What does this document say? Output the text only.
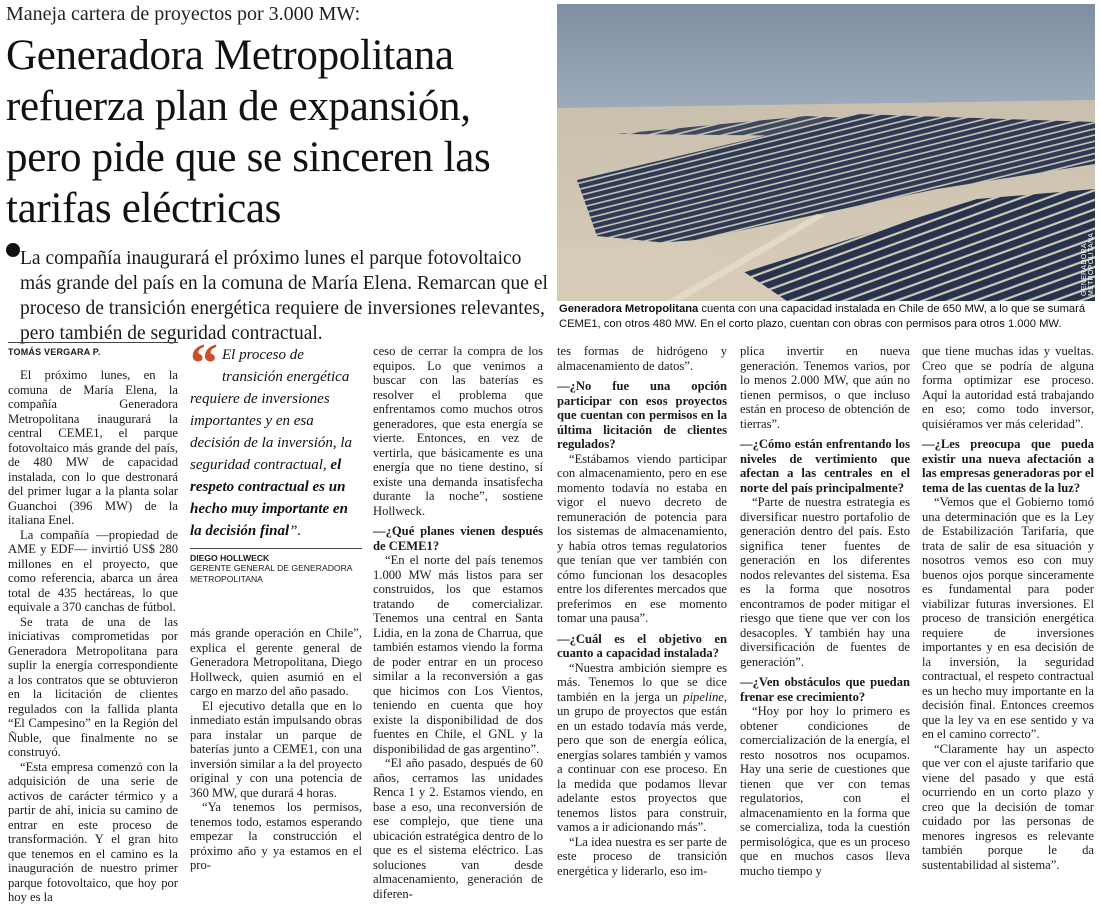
Maneja cartera de proyectos por 3.000 MW:
Generadora Metropolitana refuerza plan de expansión, pero pide que se sinceren las tarifas eléctricas
La compañía inaugurará el próximo lunes el parque fotovoltaico más grande del país en la comuna de María Elena. Remarcan que el proceso de transición energética requiere de inversiones relevantes, pero también de seguridad contractual.
GENERADORA METROPOLITANA
Generadora Metropolitana cuenta con una capacidad instalada en Chile de 650 MW, a lo que se sumará CEME1, con otros 480 MW. En el corto plazo, cuentan con obras con permisos para otros 1.000 MW.
TOMÁS VERGARA P.

El próximo lunes, en la comuna de María Elena, la compañía Generadora Metropolitana inaugurará la central CEME1, el parque fotovoltaico más grande del país, de 480 MW de capacidad instalada, con lo que destronará del primer lugar a la planta solar Guanchoi (396 MW) de la italiana Enel.

La compañía —propiedad de AME y EDF— invirtió US$ 280 millones en el proyecto, que como referencia, abarca un área total de 435 hectáreas, lo que equivale a 370 canchas de fútbol.

Se trata de una de las iniciativas comprometidas por Generadora Metropolitana para suplir la energía correspondiente a los contratos que se obtuvieron en la licitación de clientes regulados con la fallida planta “El Campesino” en la Región del Ñuble, que finalmente no se construyó.

“Esta empresa comenzó con la adquisición de una serie de activos de carácter térmico y a partir de ahí, inicia su camino de entrar en este proceso de transformación. Y el gran hito que tenemos en el camino es la inauguración de nuestro primer parque fotovoltaico, que hoy por hoy es la

“ El proceso de transición energética requiere de inversiones importantes y en esa decisión de la inversión, la seguridad contractual, el respeto contractual es un hecho muy importante en la decisión final”.
DIEGO HOLLWECK
GERENTE GENERAL DE GENERADORA METROPOLITANA

más grande operación en Chile”, explica el gerente general de Generadora Metropolitana, Diego Hollweck, quien asumió en el cargo en marzo del año pasado.

El ejecutivo detalla que en lo inmediato están impulsando obras para instalar un parque de baterías junto a CEME1, con una inversión similar a la del proyecto original y con una potencia de 360 MW, que durará 4 horas.

“Ya tenemos los permisos, tenemos todo, estamos esperando empezar la construcción el próximo año y ya estamos en el pro-

ceso de cerrar la compra de los equipos. Lo que venimos a buscar con las baterías es resolver el problema que enfrentamos como muchos otros generadores, que esta energía se vierte. Entonces, en vez de vertirla, que básicamente es una energía que no tiene destino, sí existe una demanda insatisfecha durante la noche”, sostiene Hollweck.

—¿Qué planes vienen después de CEME1?

“En el norte del país tenemos 1.000 MW más listos para ser construidos, los que estamos tratando de comercializar. Tenemos una central en Santa Lidia, en la zona de Charrua, que también estamos viendo la forma de poder entrar en un proceso similar a la reconversión a gas que hicimos con Los Vientos, teniendo en cuenta que hoy existe la disponibilidad de dos fuentes en Chile, el GNL y la disponibilidad de gas argentino”.

“El año pasado, después de 60 años, cerramos las unidades Renca 1 y 2. Estamos viendo, en base a eso, una reconversión de ese complejo, que tiene una ubicación estratégica dentro de lo que es el sistema eléctrico. Las soluciones van desde almacenamiento, generación de diferen-

tes formas de hidrógeno y almacenamiento de datos”.

—¿No fue una opción participar con esos proyectos que cuentan con permisos en la última licitación de clientes regulados?

“Estábamos viendo participar con almacenamiento, pero en ese momento todavía no estaba en vigor el nuevo decreto de remuneración de potencia para los sistemas de almacenamiento, y había otros temas regulatorios que tenían que ver también con cómo funcionan los desacoples entre los diferentes mercados que preferimos en ese momento tomar una pausa”.

—¿Cuál es el objetivo en cuanto a capacidad instalada?

“Nuestra ambición siempre es más. Tenemos lo que se dice también en la jerga un pipeline, un grupo de proyectos que están en un estado todavía más verde, pero que son de energía eólica, energías solares también y vamos a continuar con ese proceso. En la medida que podamos llevar adelante estos proyectos que tenemos listos para construir, vamos a ir adicionando más”.

“La idea nuestra es ser parte de este proceso de transición energética y liderarlo, eso im-

plica invertir en nueva generación. Tenemos varios, por lo menos 2.000 MW, que aún no tienen permisos, o que incluso están en proceso de obtención de tierras”.

—¿Cómo están enfrentando los niveles de vertimiento que afectan a las centrales en el norte del país principalmente?

“Parte de nuestra estrategia es diversificar nuestro portafolio de generación dentro del país. Esto significa tener fuentes de generación en los diferentes nodos relevantes del sistema. Esa es la forma que nosotros encontramos de poder mitigar el riesgo que tiene que ver con los desacoples. Y también hay una diversificación de fuentes de generación”.

—¿Ven obstáculos que puedan frenar ese crecimiento?

“Hoy por hoy lo primero es obtener condiciones de comercialización de la energía, el resto nosotros nos ocupamos. Hay una serie de cuestiones que tienen que ver con temas regulatorios, con el almacenamiento en la forma que se comercializa, toda la cuestión permisológica, que es un proceso que en muchos casos lleva mucho tiempo y

que tiene muchas idas y vueltas. Creo que se podría de alguna forma optimizar ese proceso. Aquí la autoridad está trabajando en eso; como todo inversor, quisiéramos ver más celeridad”.

—¿Les preocupa que pueda existir una nueva afectación a las empresas generadoras por el tema de las cuentas de la luz?

“Vemos que el Gobierno tomó una determinación que es la Ley de Estabilización Tarifaria, que trata de salir de esa situación y nosotros vemos eso con muy buenos ojos porque sinceramente es fundamental para poder viabilizar futuras inversiones. El proceso de transición energética requiere de inversiones importantes y en esa decisión de la inversión, la seguridad contractual, el respeto contractual es un hecho muy importante en la decisión final. Entonces creemos que la ley va en ese sentido y va en el camino correcto”.

“Claramente hay un aspecto que ver con el ajuste tarifario que viene del pasado y que está ocurriendo en un corto plazo y creo que la decisión de tomar cuidado por las personas de menores ingresos es relevante también porque le da sustentabilidad al sistema”.
